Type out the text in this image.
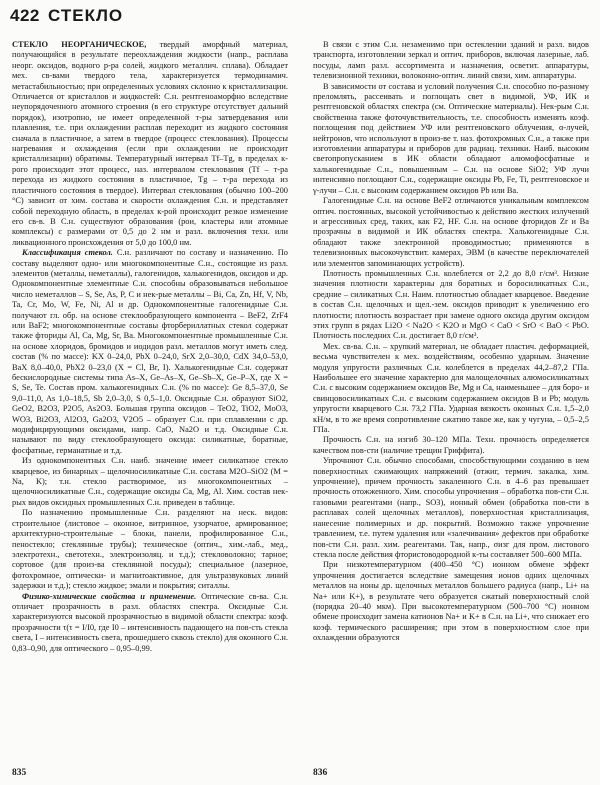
422 СТЕКЛО

СТЕКЛО НЕОРГАНИЧЕСКОЕ, твердый аморфный материал, получающийся в результате переохлаждения жидкости (напр., расплава неорг. оксидов, водного р-ра солей, жидкого металлич. сплава). Обладает мех. св-вами твердого тела, характеризуется термодинамич. метастабильностью; при определенных условиях склонно к кристаллизации. Отличается от кристаллов и жидкостей: С.н. рентгеноаморфно вследствие неупорядоченного атомного строения (в его структуре отсутствует дальний порядок), изотропно, не имеет определенной т-ры затвердевания или плавления, т.е. при охлаждении расплав переходит из жидкого состояния сначала в пластичное, а затем в твердое (процесс стеклования). Процессы нагревания и охлаждения (если при охлаждении не происходит кристаллизации) обратимы. Температурный интервал Tf–Tg, в пределах к-рого происходит этот процесс, наз. интервалом стеклования (Tf – т-ра перехода из жидкого состояния в пластичное, Tg – т-ра перехода из пластичного состояния в твердое). Интервал стеклования (обычно 100–200 °С) зависит от хим. состава и скорости охлаждения С.н. и представляет собой переходную область, в пределах к-рой происходит резкое изменение его св-в. В С.н. существуют образования (рои, кластеры или атомные комплексы) с размерами от 0,5 до 2 нм и разл. включения техн. или ликвационного происхождения от 5,0 до 100,0 нм.

Классификация стекол. С.н. различают по составу и назначению. По составу выделяют одно- или многокомпонентные С.н., состоящие из разл. элементов (металлы, неметаллы), галогенидов, халькогенидов, оксидов и др. Однокомпонентные элементные С.н. способны образовываться небольшое число неметаллов – S, Se, As, P, С и нек-рые металлы – Bi, Ca, Zn, Hf, V, Nb, Ta, Cr, Mo, W, Fe, Ni, Al и др. Однокомпонентные галогенидные С.н. получают гл. обр. на основе стеклообразующего компонента – BeF2, ZrF4 или BaF2; многокомпонентные составы фторбериллатных стекол содержат также фториды Al, Ca, Mg, Sr, Ba. Многокомпонентные промышленные С.н. на основе хлоридов, бромидов и иодидов разл. металлов могут иметь след. состав (% по массе): KX 0–24,0, PbX 0–24,0, SrX 2,0–30,0, CdX 34,0–53,0, BaX 8,0–40,0, PbX2 0–23,0 (X = Cl, Br, I). Халькогенидные С.н. содержат бескислородные системы типа As–X, Ge–As–X, Ge–Sb–X, Ge–P–X, где X = S, Se, Te. Состав пром. халькогенидных С.н. (% по массе): Ge 8,5–37,0, Se 9,0–11,0, As 1,0–18,5, Sb 2,0–3,0, S 0,5–1,0. Оксидные С.н. образуют SiO2, GeO2, B2O3, P2O5, As2O3. Большая группа оксидов – TeO2, TiO2, MoO3, WO3, Bi2O3, Al2O3, Ga2O3, V2O5 – образует С.н. при сплавлении с др. модифицирующими оксидами, напр. CaO, Na2O и т.д. Оксидные С.н. называют по виду стеклообразующего оксида: силикатные, боратные, фосфатные, германатные и т.д.

Из однокомпонентных С.н. наиб. значение имеет силикатное стекло кварцевое, из бинарных – щелочносиликатные С.н. состава M2O–SiO2 (M = Na, K); т.н. стекло растворимое, из многокомпонентных – щелочносиликатные С.н., содержащие оксиды Ca, Mg, Al. Хим. состав нек-рых видов оксидных промышленных С.н. приведен в таблице.

По назначению промышленные С.н. разделяют на неск. видов: строительное (листовое – оконное, витринное, узорчатое, армированное; архитектурно-строительные – блоки, панели, профилированное С.н., пеностекло; стеклянные трубы); техническое (оптич., хим.-лаб., мед., электротехн., светотехн., электроизоляц. и т.д.); стекловолокно; тарное; сортовое (для произ-ва стеклянной посуды); специальное (лазерное, фотохромное, оптически- и магнитоактивное, для ультразвуковых линий задержки и т.д.); стекло жидкое; эмали и покрытия; ситаллы.

Физико-химические свойства и применение. Оптические св-ва. С.н. отличает прозрачность в разл. областях спектра. Оксидные С.н. характеризуются высокой прозрачностью в видимой области спектра: коэф. прозрачности τ(τ = I/I0, где I0 – интенсивность падающего на пов-сть стекла света, I – интенсивность света, прошедшего сквозь стекло) для оконного С.н. 0,83–0,90, для оптического – 0,95–0,99.

В связи с этим С.н. незаменимо при остеклении зданий и разл. видов транспорта, изготовлении зеркал и оптич. приборов, включая лазерные, лаб. посуды, ламп разл. ассортимента и назначения, осветит. аппаратуры, телевизионной техники, волоконно-оптич. линий связи, хим. аппаратуры.

В зависимости от состава и условий получения С.н. способно по-разному преломлять, рассеивать и поглощать свет в видимой, УФ, ИК и рентгеновской областях спектра (см. Оптические материалы). Нек-рым С.н. свойственна также фоточувствительность, т.е. способность изменять коэф. поглощения под действием УФ или рентгеновского облучения, α-лучей, нейтронов, что используют в произ-ве т. наз. фотохромных С.н., а также при изготовлении аппаратуры и приборов для радиац. техники. Наиб. высоким светопропусканием в ИК области обладают алюмофосфатные и халькогенидные С.н., повышенным – С.н. на основе SiO2; УФ лучи интенсивно поглощают С.н., содержащие оксиды Pb, Fe, Ti, рентгеновское и γ-лучи – С.н. с высоким содержанием оксидов Pb или Ba.

Галогенидные С.н. на основе BeF2 отличаются уникальным комплексом оптич. постоянных, высокой устойчивостью к действию жестких излучений и агрессивных сред, таких, как F2, HF. С.н. на основе фторидов Zr и Ba прозрачны в видимой и ИК областях спектра. Халькогенидные С.н. обладают также электронной проводимостью; применяются в телевизионных высокочувствит. камерах, ЭВМ (в качестве переключателей или элементов запоминающих устройств).

Плотность промышленных С.н. колеблется от 2,2 до 8,0 г/см³. Низкие значения плотности характерны для боратных и боросиликатных С.н., средние – силикатных С.н. Наим. плотностью обладает кварцевое. Введение в состав С.н. щелочных и щел.-зем. оксидов приводит к увеличению его плотности; плотность возрастает при замене одного оксида другим оксидом этих групп в рядах Li2O < Na2O < K2O и MgO < CaO < SrO < BaO < PbO. Плотность последних С.н. достигает 8,0 г/см³.

Мех. св-ва. С.н. – хрупкий материал, не обладает пластич. деформацией, весьма чувствителен к мех. воздействиям, особенно ударным. Значение модуля упругости различных С.н. колеблется в пределах 44,2–87,2 ГПа. Наибольшее его значение характерно для малощелочных алюмосиликатных С.н. с высоким содержанием оксидов Be, Mg и Ca, наименьшее – для боро- и свинцовосиликатных С.н. с высоким содержанием оксидов B и Pb; модуль упругости кварцевого С.н. 73,2 ГПа. Ударная вязкость оконных С.н. 1,5–2,0 кН/м, в то же время сопротивление сжатию такое же, как у чугуна, – 0,5–2,5 ГПа.

Прочность С.н. на изгиб 30–120 МПа. Техн. прочность определяется качеством пов-сти (наличие трещин Гриффита).

Упрочняют С.н. обычно способами, способствующими созданию в нем поверхностных сжимающих напряжений (отжиг, термич. закалка, хим. упрочнение), причем прочность закаленного С.н. в 4–6 раз превышает прочность отожженного. Хим. способы упрочнения – обработка пов-сти С.н. газовыми реагентами (напр., SO3), ионный обмен (обработка пов-сти в расплавах солей щелочных металлов), поверхностная кристаллизация, нанесение полимерных и др. покрытий. Возможно также упрочнение травлением, т.е. путем удаления или «залечивания» дефектов при обработке пов-сти С.н. разл. хим. реагентами. Так, напр., σизг для пром. листового стекла после действия фтористоводородной к-ты составляет 500–600 МПа.

При низкотемпературном (400–450 °С) ионном обмене эффект упрочнения достигается вследствие замещения ионов одних щелочных металлов на ионы др. щелочных металлов большего радиуса (напр., Li+ на Na+ или K+), в результате чего образуется сжатый поверхностный слой (порядка 20–40 мкм). При высокотемпературном (500–700 °С) ионном обмене происходит замена катионов Na+ и K+ в С.н. на Li+, что снижает его коэф. термического расширения; при этом в поверхностном слое при охлаждении образуются

835	836
